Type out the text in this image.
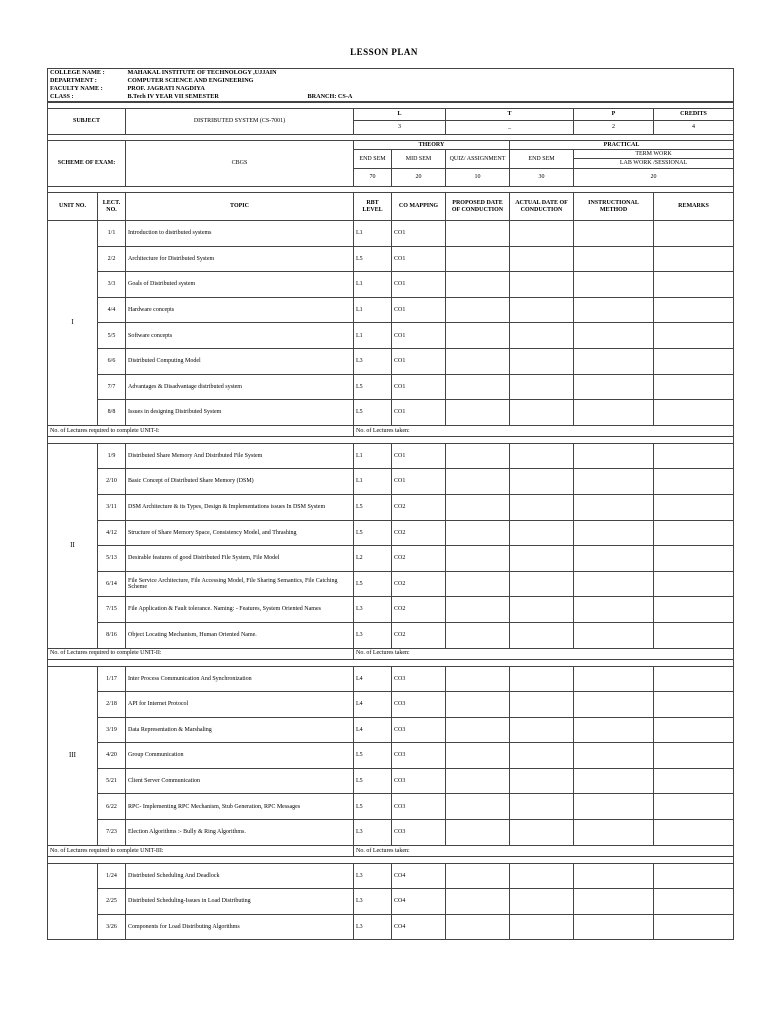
LESSON PLAN
COLLEGE NAME :	MAHAKAL INSTITUTE OF TECHNOLOGY ,UJJAIN	
DEPARTMENT :	COMPUTER SCIENCE AND ENGINEERING	
FACULTY NAME :	PROF. JAGRATI NAGDIYA	
CLASS :	B.Tech IV YEAR VII SEMESTER	BRANCH: CS-A

SUBJECT		DISTRIBUTED SYSTEM (CS-7001)	L		T		P	CREDITS
			3		_		2	4

SCHEME OF EXAM:		CBGS	THEORY			PRACTICAL		
			END SEM	MID SEM	QUIZ/ ASSIGNMENT	END SEM	TERM WORK	
							LAB WORK /SESSIONAL	
			70	20	10	30	20	

UNIT NO.	LECT. NO.	TOPIC	RBT LEVEL	CO MAPPING	PROPOSED DATE OF CONDUCTION	ACTUAL DATE OF CONDUCTION	INSTRUCTIONAL METHOD	REMARKS
I	1/1	Introduction to distributed systems	L1	CO1				
	2/2	Architecture for Distributed System	L5	CO1				
	3/3	Goals of Distributed system	L1	CO1				
	4/4	Hardware concepts	L1	CO1				
	5/5	Software concepts	L1	CO1				
	6/6	Distributed Computing Model	L3	CO1				
	7/7	Advantages & Disadvantage distributed system	L5	CO1				
	8/8	Issues in designing Distributed System	L5	CO1				
No. of Lectures required to complete UNIT-I:			No. of Lectures taken:					

II	1/9	Distributed Share Memory And Distributed File System	L1	CO1				
	2/10	Basic Concept of Distributed Share Memory (DSM)	L1	CO1				
	3/11	DSM Architecture & its Types, Design & Implementations issues In DSM System	L5	CO2				
	4/12	Structure of Share Memory Space, Consistency Model, and Thrashing	L5	CO2				
	5/13	Desirable features of good Distributed File System, File Model	L2	CO2				
	6/14	File Service Architecture, File Accessing Model, File Sharing Semantics, File Catching Scheme	L5	CO2				
	7/15	File Application & Fault tolerance. Naming: - Features, System Oriented Names	L3	CO2				
	8/16	Object Locating Mechanism, Human Oriented Name.	L3	CO2				
No. of Lectures required to complete UNIT-II:			No. of Lectures taken:					

III	1/17	Inter Process Communication And Synchronization	L4	CO3				
	2/18	API for Internet Protocol	L4	CO3				
	3/19	Data Representation & Marshaling	L4	CO3				
	4/20	Group Communication	L5	CO3				
	5/21	Client Server Communication	L5	CO3				
	6/22	RPC- Implementing RPC Mechanism, Stub Generation, RPC Messages	L5	CO3				
	7/23	Election Algorithms :- Bully & Ring Algorithms.	L3	CO3				
No. of Lectures required to complete UNIT-III:			No. of Lectures taken:					

	1/24	Distributed Scheduling And Deadlock	L3	CO4				
	2/25	Distributed Scheduling-Issues in Load Distributing	L3	CO4				
	3/26	Components for Load Distributing Algorithms	L3	CO4				
